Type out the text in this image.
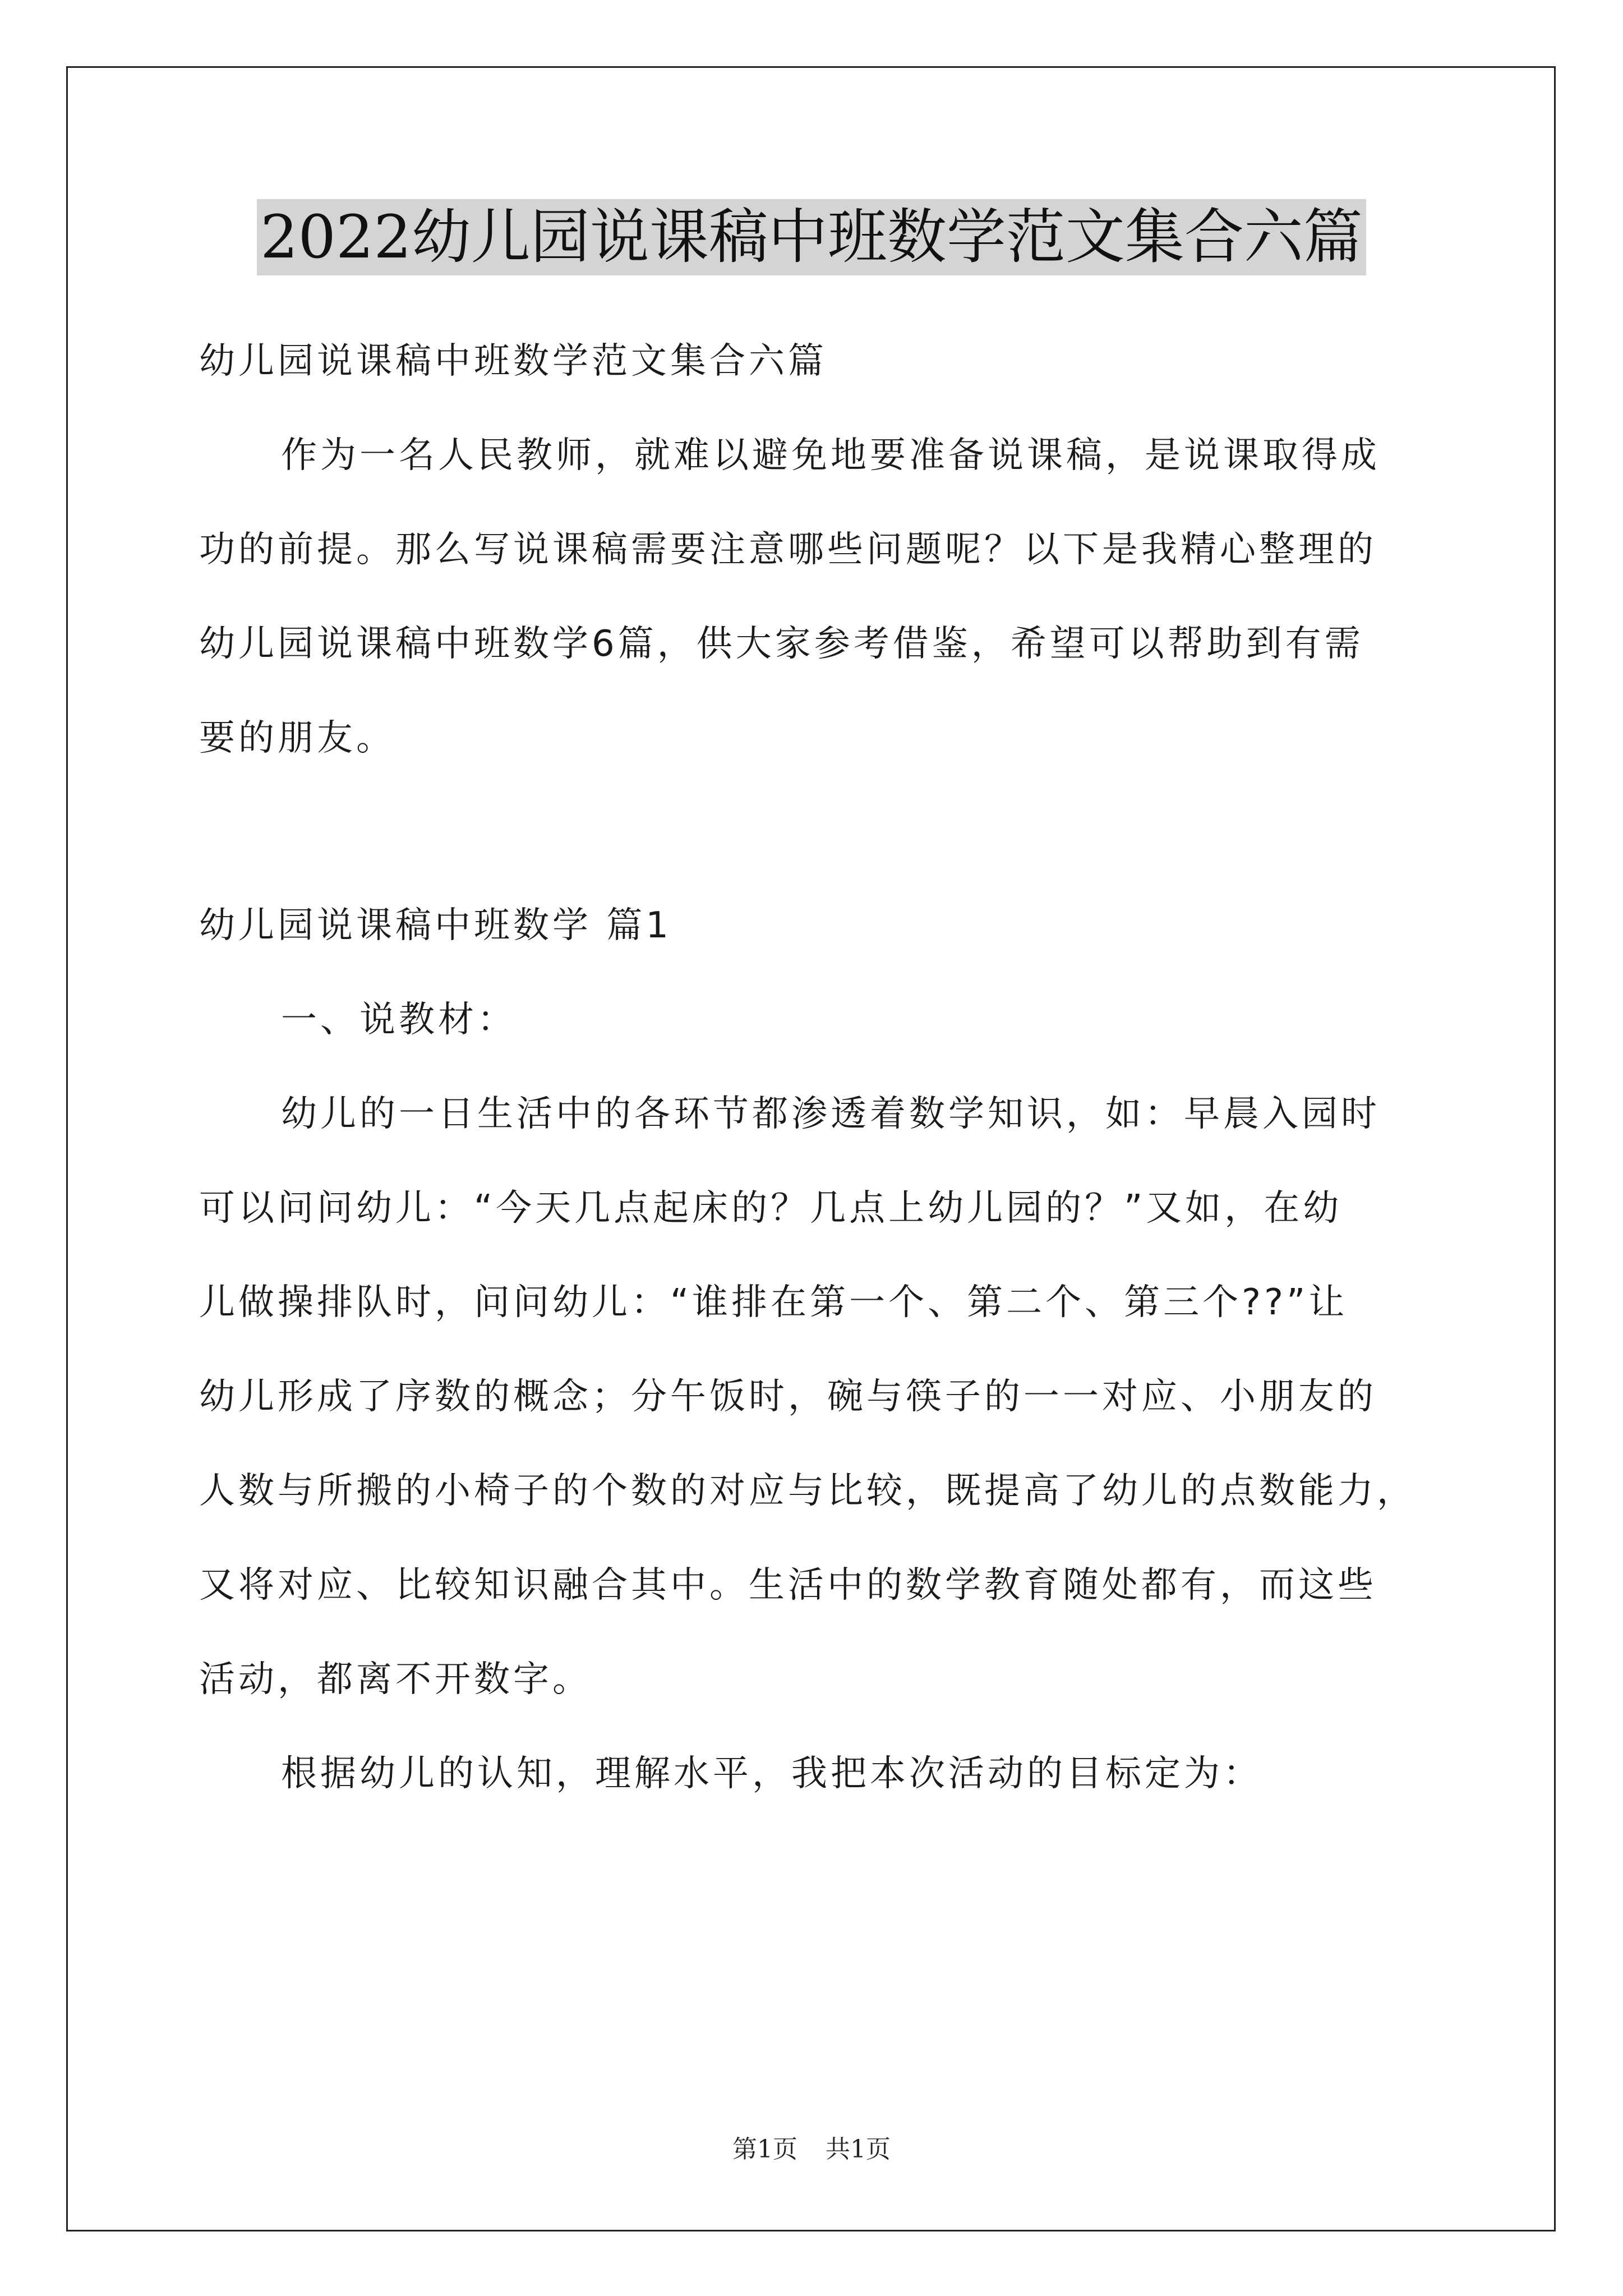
2022幼儿园说课稿中班数学范文集合六篇

幼儿园说课稿中班数学范文集合六篇

作为一名人民教师，就难以避免地要准备说课稿，是说课取得成

功的前提。那么写说课稿需要注意哪些问题呢？以下是我精心整理的

幼儿园说课稿中班数学6篇，供大家参考借鉴，希望可以帮助到有需

要的朋友。

幼儿园说课稿中班数学 篇1

一、说教材：

幼儿的一日生活中的各环节都渗透着数学知识，如：早晨入园时

可以问问幼儿：“今天几点起床的？几点上幼儿园的？”又如，在幼

儿做操排队时，问问幼儿：“谁排在第一个、第二个、第三个??”让

幼儿形成了序数的概念；分午饭时，碗与筷子的一一对应、小朋友的

人数与所搬的小椅子的个数的对应与比较，既提高了幼儿的点数能力，

又将对应、比较知识融合其中。生活中的数学教育随处都有，而这些

活动，都离不开数字。

根据幼儿的认知，理解水平，我把本次活动的目标定为：

第1页 共1页
